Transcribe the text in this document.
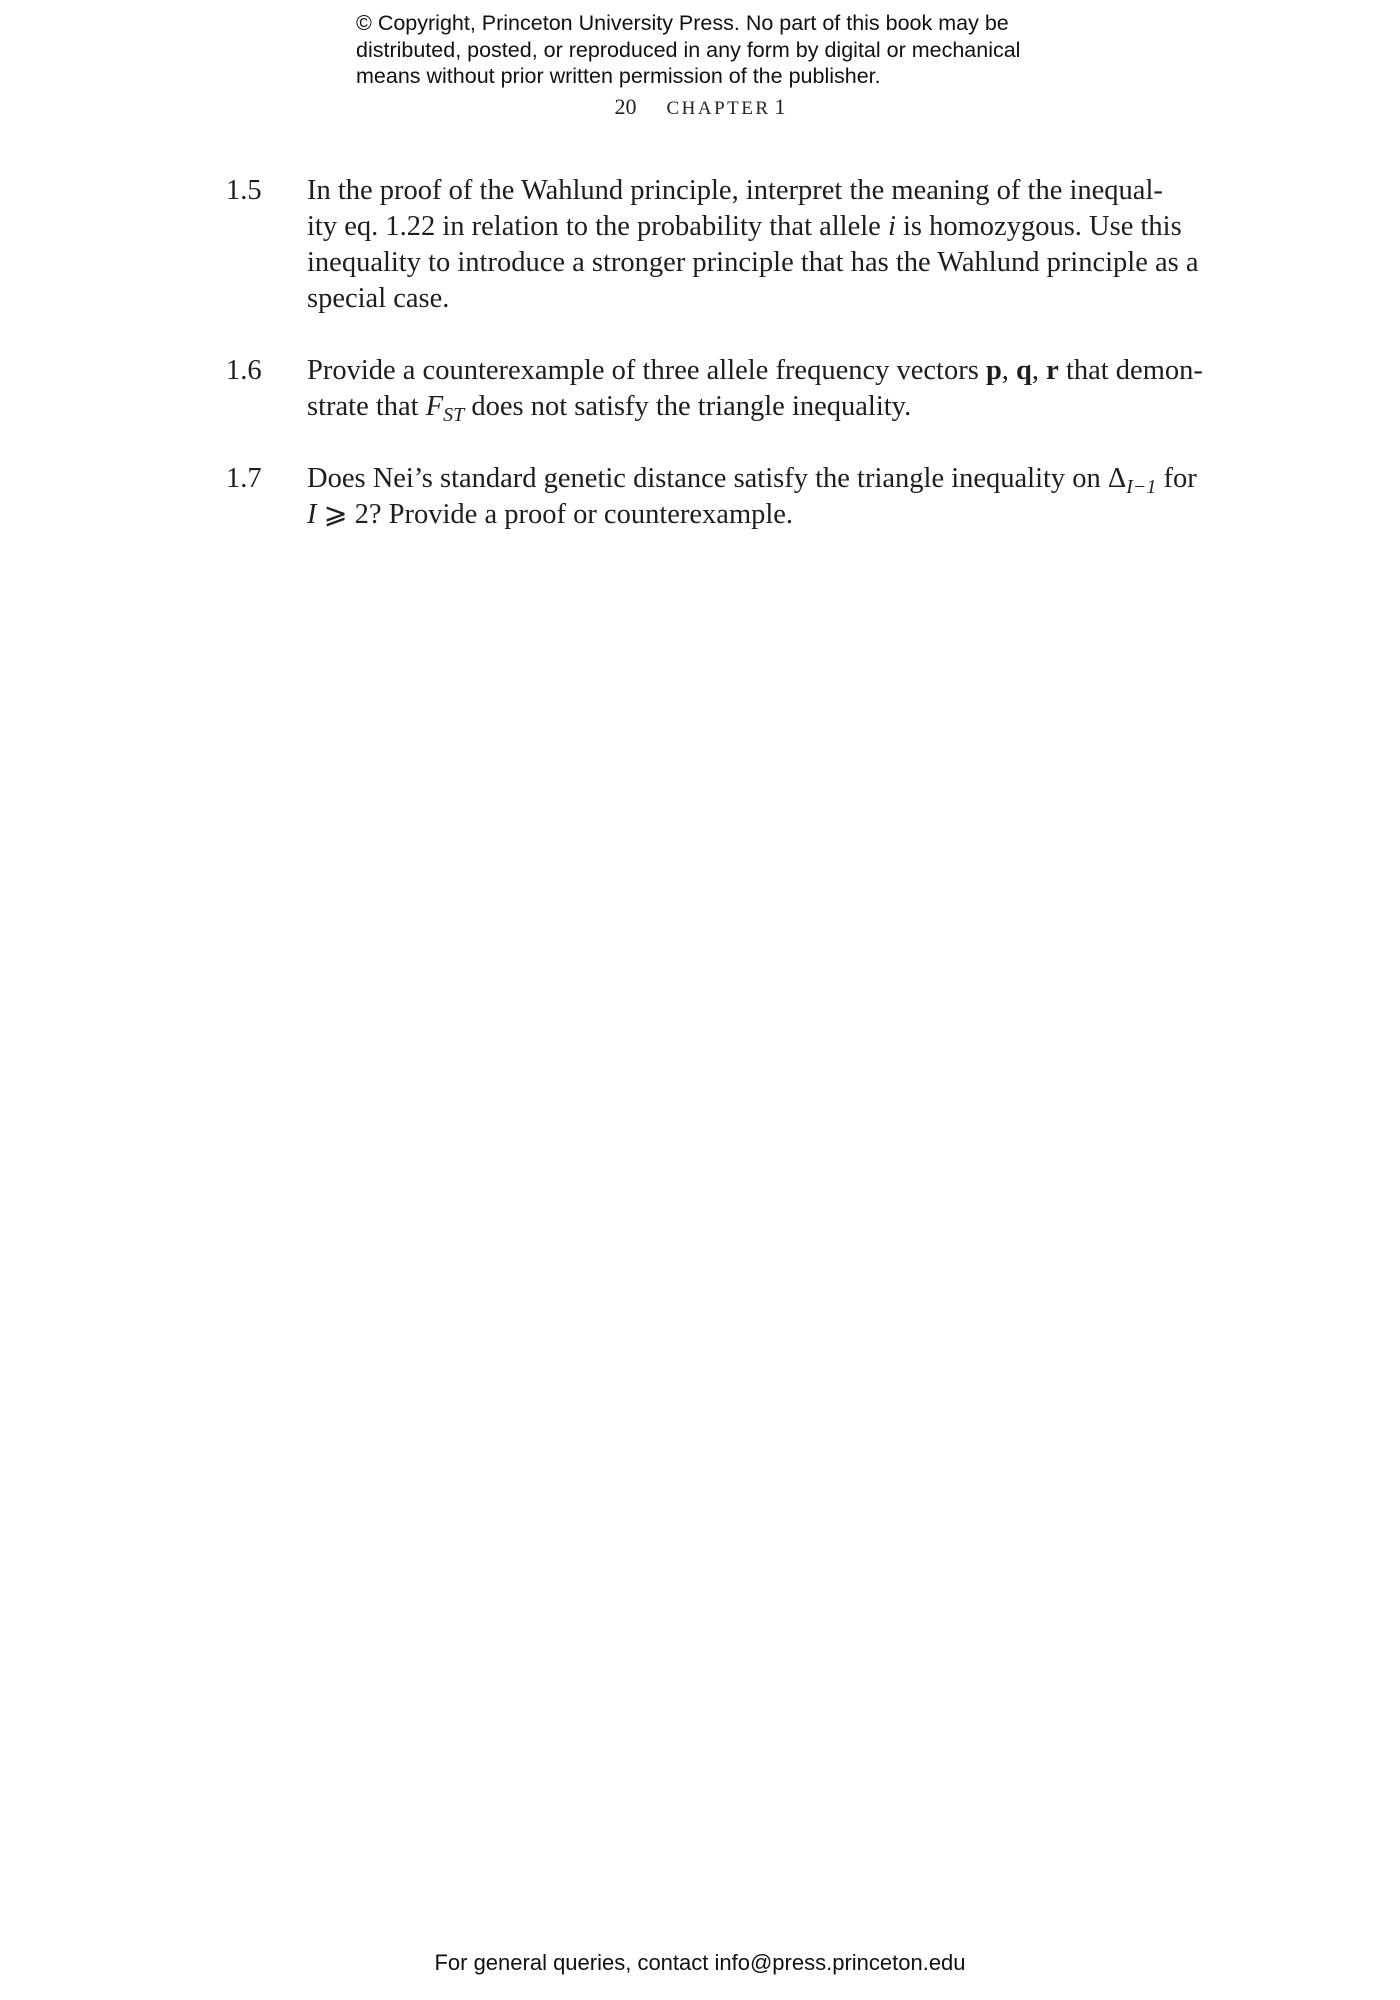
© Copyright, Princeton University Press. No part of this book may be
distributed, posted, or reproduced in any form by digital or mechanical
means without prior written permission of the publisher.
20 CHAPTER 1
1.5 In the proof of the Wahlund principle, interpret the meaning of the inequal-
ity eq. 1.22 in relation to the probability that allele i is homozygous. Use this
inequality to introduce a stronger principle that has the Wahlund principle as a
special case.
1.6 Provide a counterexample of three allele frequency vectors p, q, r that demon-
strate that $F_{ST}$ does not satisfy the triangle inequality.
1.7 Does Nei’s standard genetic distance satisfy the triangle inequality on $\Delta_{I-1}$ for
I ⩾ 2? Provide a proof or counterexample.
For general queries, contact info@press.princeton.edu
